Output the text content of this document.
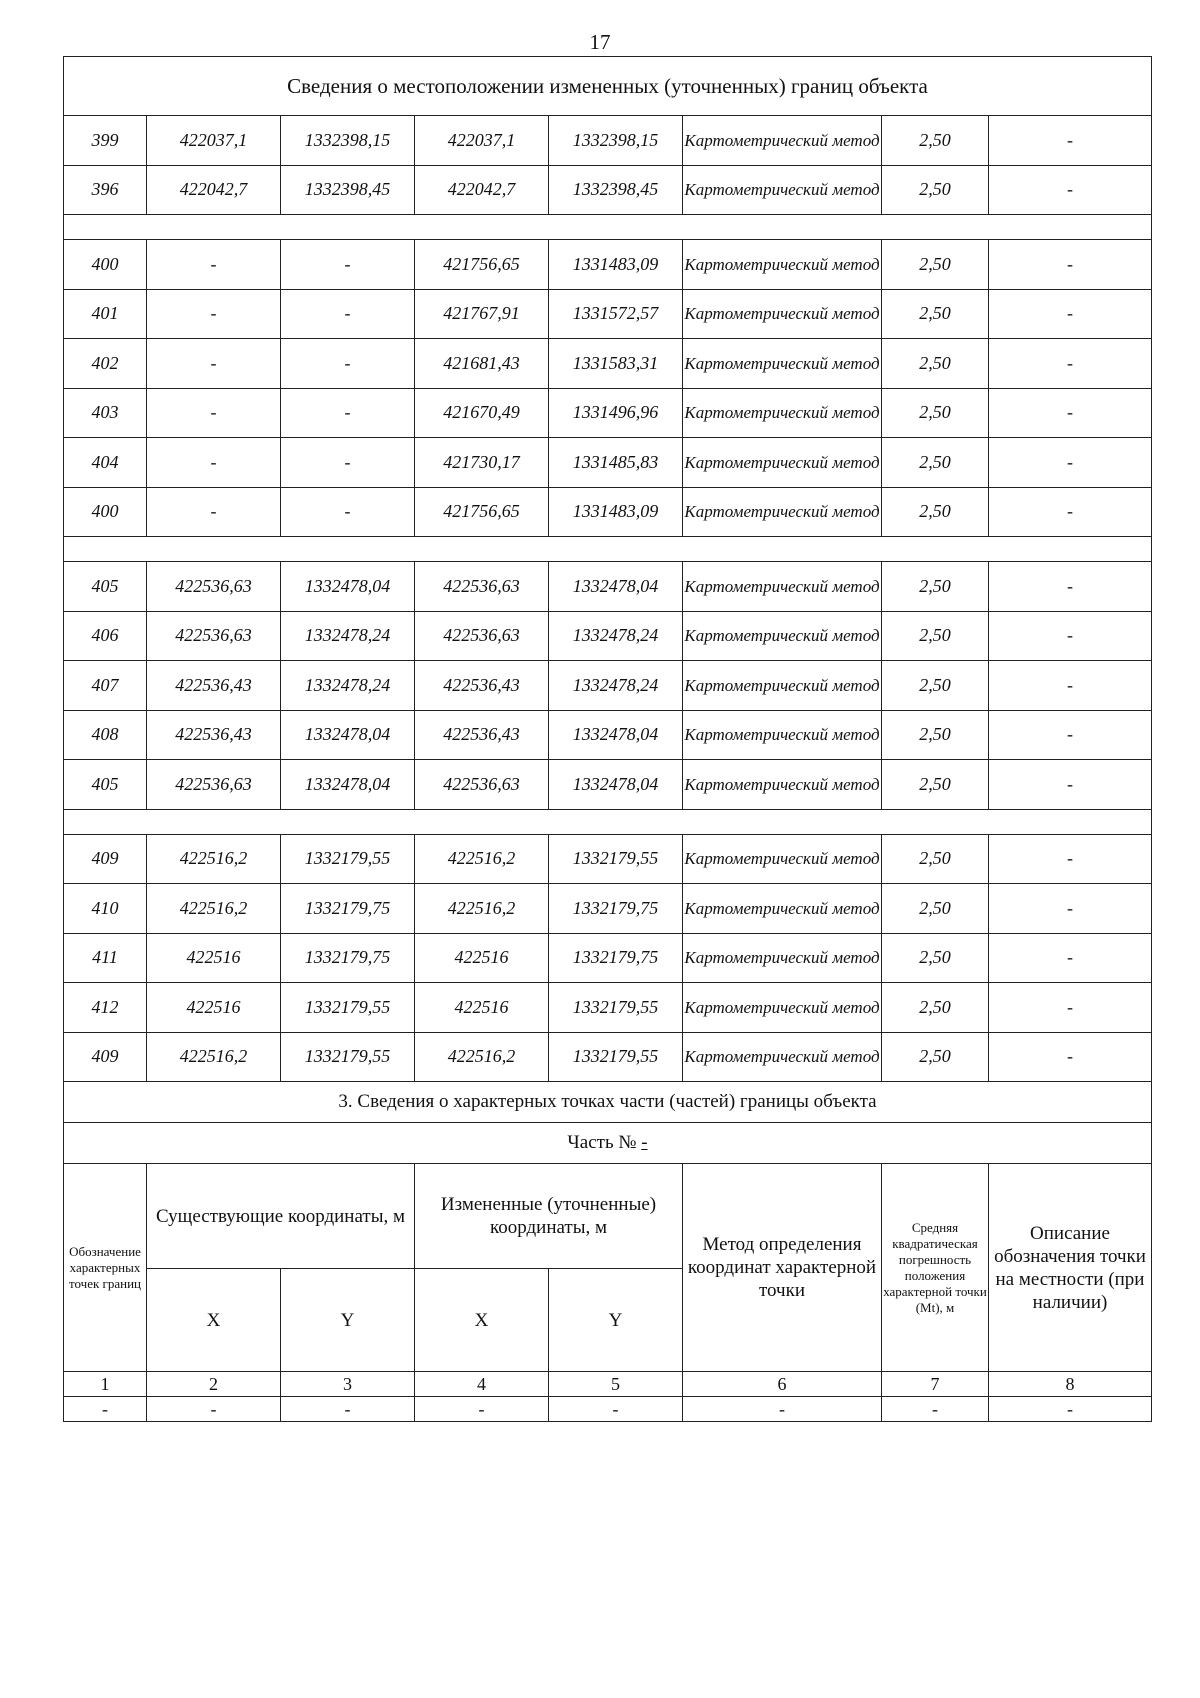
17
Сведения о местоположении измененных (уточненных) границ объекта							
399	422037,1	1332398,15	422037,1	1332398,15	Картометрический метод	2,50	-
396	422042,7	1332398,45	422042,7	1332398,45	Картометрический метод	2,50	-

400	-	-	421756,65	1331483,09	Картометрический метод	2,50	-
401	-	-	421767,91	1331572,57	Картометрический метод	2,50	-
402	-	-	421681,43	1331583,31	Картометрический метод	2,50	-
403	-	-	421670,49	1331496,96	Картометрический метод	2,50	-
404	-	-	421730,17	1331485,83	Картометрический метод	2,50	-
400	-	-	421756,65	1331483,09	Картометрический метод	2,50	-

405	422536,63	1332478,04	422536,63	1332478,04	Картометрический метод	2,50	-
406	422536,63	1332478,24	422536,63	1332478,24	Картометрический метод	2,50	-
407	422536,43	1332478,24	422536,43	1332478,24	Картометрический метод	2,50	-
408	422536,43	1332478,04	422536,43	1332478,04	Картометрический метод	2,50	-
405	422536,63	1332478,04	422536,63	1332478,04	Картометрический метод	2,50	-

409	422516,2	1332179,55	422516,2	1332179,55	Картометрический метод	2,50	-
410	422516,2	1332179,75	422516,2	1332179,75	Картометрический метод	2,50	-
411	422516	1332179,75	422516	1332179,75	Картометрический метод	2,50	-
412	422516	1332179,55	422516	1332179,55	Картометрический метод	2,50	-
409	422516,2	1332179,55	422516,2	1332179,55	Картометрический метод	2,50	-
3. Сведения о характерных точках части (частей) границы объекта							
Часть № -							
Обозначение характерных точек границ	Существующие координаты, м		Измененные (уточненные) координаты, м		Метод определения координат характерной точки	Средняя квадратическая погрешность положения характерной точки (Mt), м	Описание обозначения точки на местности (при наличии)
	X	Y	X	Y			
1	2	3	4	5	6	7	8
-	-	-	-	-	-	-	-
